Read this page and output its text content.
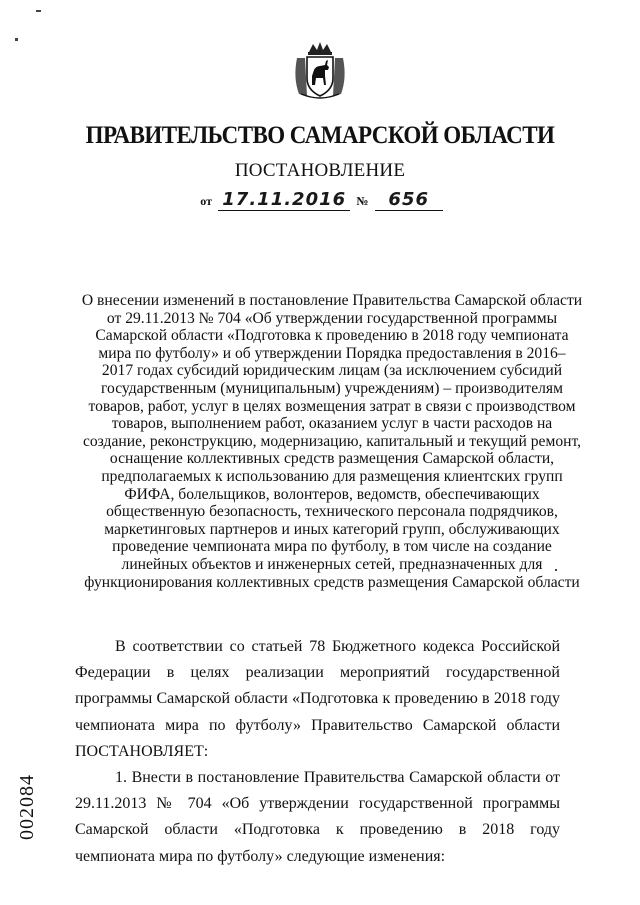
ПРАВИТЕЛЬСТВО САМАРСКОЙ ОБЛАСТИ
ПОСТАНОВЛЕНИЕ
от 17.11.2016 № 656
О внесении изменений в постановление Правительства Самарской области
от 29.11.2013 № 704 «Об утверждении государственной программы
Самарской области «Подготовка к проведению в 2018 году чемпионата
мира по футболу» и об утверждении Порядка предоставления в 2016–
2017 годах субсидий юридическим лицам (за исключением субсидий
государственным (муниципальным) учреждениям) – производителям
товаров, работ, услуг в целях возмещения затрат в связи с производством
товаров, выполнением работ, оказанием услуг в части расходов на
создание, реконструкцию, модернизацию, капитальный и текущий ремонт,
оснащение коллективных средств размещения Самарской области,
предполагаемых к использованию для размещения клиентских групп
ФИФА, болельщиков, волонтеров, ведомств, обеспечивающих
общественную безопасность, технического персонала подрядчиков,
маркетинговых партнеров и иных категорий групп, обслуживающих
проведение чемпионата мира по футболу, в том числе на создание
линейных объектов и инженерных сетей, предназначенных для
функционирования коллективных средств размещения Самарской области

В соответствии со статьей 78 Бюджетного кодекса Российской Федерации в целях реализации мероприятий государственной программы Самарской области «Подготовка к проведению в 2018 году чемпионата мира по футболу» Правительство Самарской области ПОСТАНОВЛЯЕТ:

1. Внести в постановление Правительства Самарской области от 29.11.2013 № 704 «Об утверждении государственной программы Самарской области «Подготовка к проведению в 2018 году чемпионата мира по футболу» следующие изменения:

002084
